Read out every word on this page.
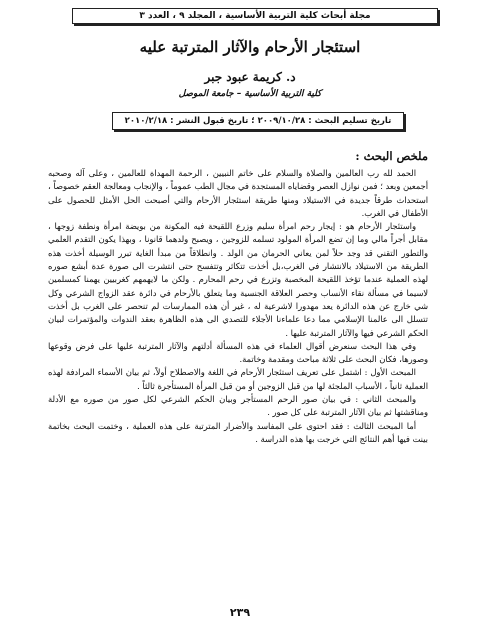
مجلة أبحاث كلية التربية الأساسية ، المجلد ٩ ، العدد ٣
استئجار الأرحام والآثار المترتبة عليه
د. كريمة عبود جبر
كلية التربية الأساسية – جامعة الموصل
تاريخ تسليم البحث : ٢٠٠٩/١٠/٢٨ ؛ تاريخ قبول النشر : ٢٠١٠/٢/١٨
ملخص البحث :

الحمد لله رب العالمين والصلاة والسلام على خاتم النبيين ، الرحمة المهداة للعالمين ، وعلى آله وصحبه أجمعين وبعد ؛ فمن نوازل العصر وقضاياه المستجدة في مجال الطب عموماً ، والإنجاب ومعالجة العقم خصوصاً ، استحداث طرقاً جديدة في الاستيلاد ومنها طريقة استئجار الأرحام والتي أصبحت الحل الأمثل للحصول على الأطفال في الغرب.

واستئجار الأرحام هو : إيجار رحم امرأة سليم وزرع اللقيحة فيه المكونة من بويضة امرأة ونطفة زوجها ، مقابل أجراً مالي وما إن تضع المرأة المولود تسلمه للزوجين ، ويصبح ولدهما قانونا ، وبهذا يكون التقدم العلمي والتطور التقني قد وجد حلاً لمن يعاني الحرمان من الولد . وانطلاقاً من مبدأ الغاية تبرر الوسيلة أخذت هذه الطريقة من الاستيلاد بالانتشار في الغرب،بل أخذت تتكاثر وتتفسح حتى انتشرت الى صورة عدة أبشع صوره لهذه العملية عندما تؤخذ اللقيحة المخصبة وتزرع في رحم المحارم . ولكن ما لايهمهم كغربيين يهمنا كمسلمين لاسيما في مسألة نقاء الأنساب وحصر العلاقة الجنسية وما يتعلق بالأرحام في دائرة عقد الزواج الشرعي وكل شي خارج عن هذه الدائرة يعد مهدورا لاشرعية له ، غير أن هذه الممارسات لم تنحصر على الغرب بل أخذت تتسلل الى عالمنا الإسلامي مما دعا علماءنا الأجلاء للتصدي الى هذه الظاهرة بعقد الندوات والمؤتمرات لبيان الحكم الشرعي فيها والآثار المترتبة عليها .

وفي هذا البحث سنعرض أقوال العلماء في هذه المسألة أدلتهم والآثار المترتبة عليها على فرض وقوعها وصورها، فكان البحث على ثلاثة مباحث ومقدمة وخاتمة.

المبحث الأول : اشتمل على تعريف استئجار الأرحام في اللغة والاصطلاح أولاً، ثم بيان الأسماء المرادفة لهذه العملية ثانياً ، الأسباب الملجئة لها من قبل الزوجين أو من قبل المرأة المستأجرة ثالثاً .

والمبحث الثاني : في بيان صور الرحم المستأجر وبيان الحكم الشرعي لكل صور من صوره مع الأدلة ومناقشتها ثم بيان الآثار المترتبة على كل صور .

أما المبحث الثالث : فقد احتوى على المفاسد والأضرار المترتبة على هذه العملية ، وختمت البحث بخاتمة بينت فيها أهم النتائج التي خرجت بها هذه الدراسة .

٢٣٩
